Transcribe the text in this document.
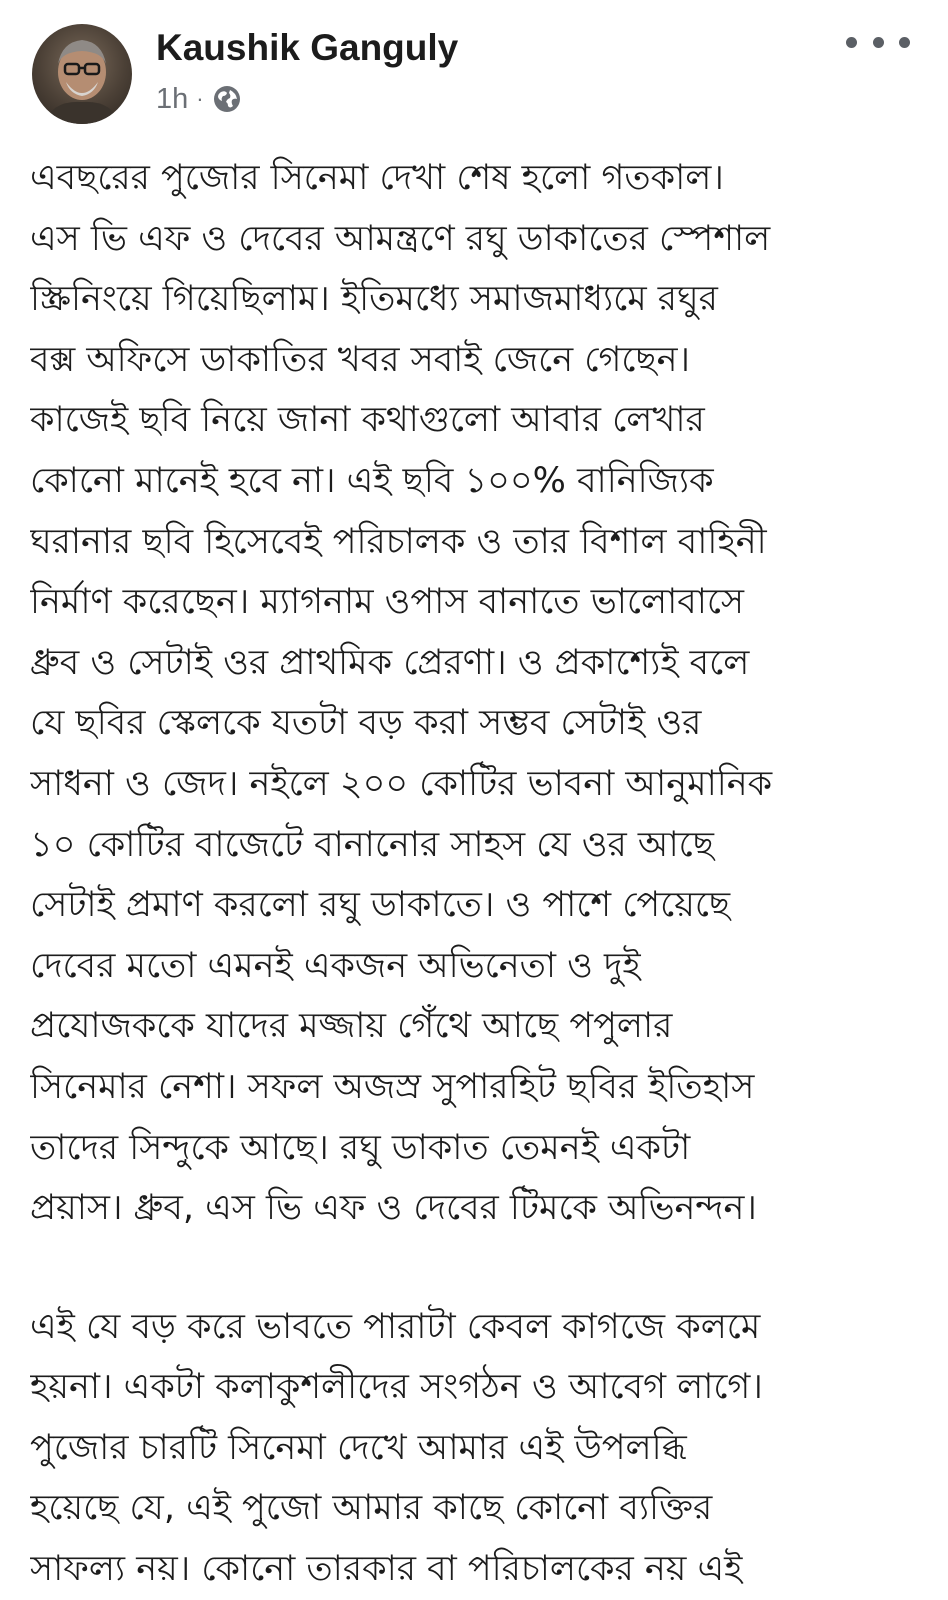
Kaushik Ganguly
1h ·
এবছরের পুজোর সিনেমা দেখা শেষ হলো গতকাল।
এস ভি এফ ও দেবের আমন্ত্রণে রঘু ডাকাতের স্পেশাল
স্ক্রিনিংয়ে গিয়েছিলাম। ইতিমধ্যে সমাজমাধ্যমে রঘুর
বক্স অফিসে ডাকাতির খবর সবাই জেনে গেছেন।
কাজেই ছবি নিয়ে জানা কথাগুলো আবার লেখার
কোনো মানেই হবে না। এই ছবি ১০০% বানিজ্যিক
ঘরানার ছবি হিসেবেই পরিচালক ও তার বিশাল বাহিনী
নির্মাণ করেছেন। ম্যাগনাম ওপাস বানাতে ভালোবাসে
ধ্রুব ও সেটাই ওর প্রাথমিক প্রেরণা। ও প্রকাশ্যেই বলে
যে ছবির স্কেলকে যতটা বড় করা সম্ভব সেটাই ওর
সাধনা ও জেদ। নইলে ২০০ কোটির ভাবনা আনুমানিক
১০ কোটির বাজেটে বানানোর সাহস যে ওর আছে
সেটাই প্রমাণ করলো রঘু ডাকাতে। ও পাশে পেয়েছে
দেবের মতো এমনই একজন অভিনেতা ও দুই
প্রযোজককে যাদের মজ্জায় গেঁথে আছে পপুলার
সিনেমার নেশা। সফল অজস্র সুপারহিট ছবির ইতিহাস
তাদের সিন্দুকে আছে। রঘু ডাকাত তেমনই একটা
প্রয়াস। ধ্রুব, এস ভি এফ ও দেবের টিমকে অভিনন্দন।
এই যে বড় করে ভাবতে পারাটা কেবল কাগজে কলমে
হয়না। একটা কলাকুশলীদের সংগঠন ও আবেগ লাগে।
পুজোর চারটি সিনেমা দেখে আমার এই উপলব্ধি
হয়েছে যে, এই পুজো আমার কাছে কোনো ব্যক্তির
সাফল্য নয়। কোনো তারকার বা পরিচালকের নয় এই
